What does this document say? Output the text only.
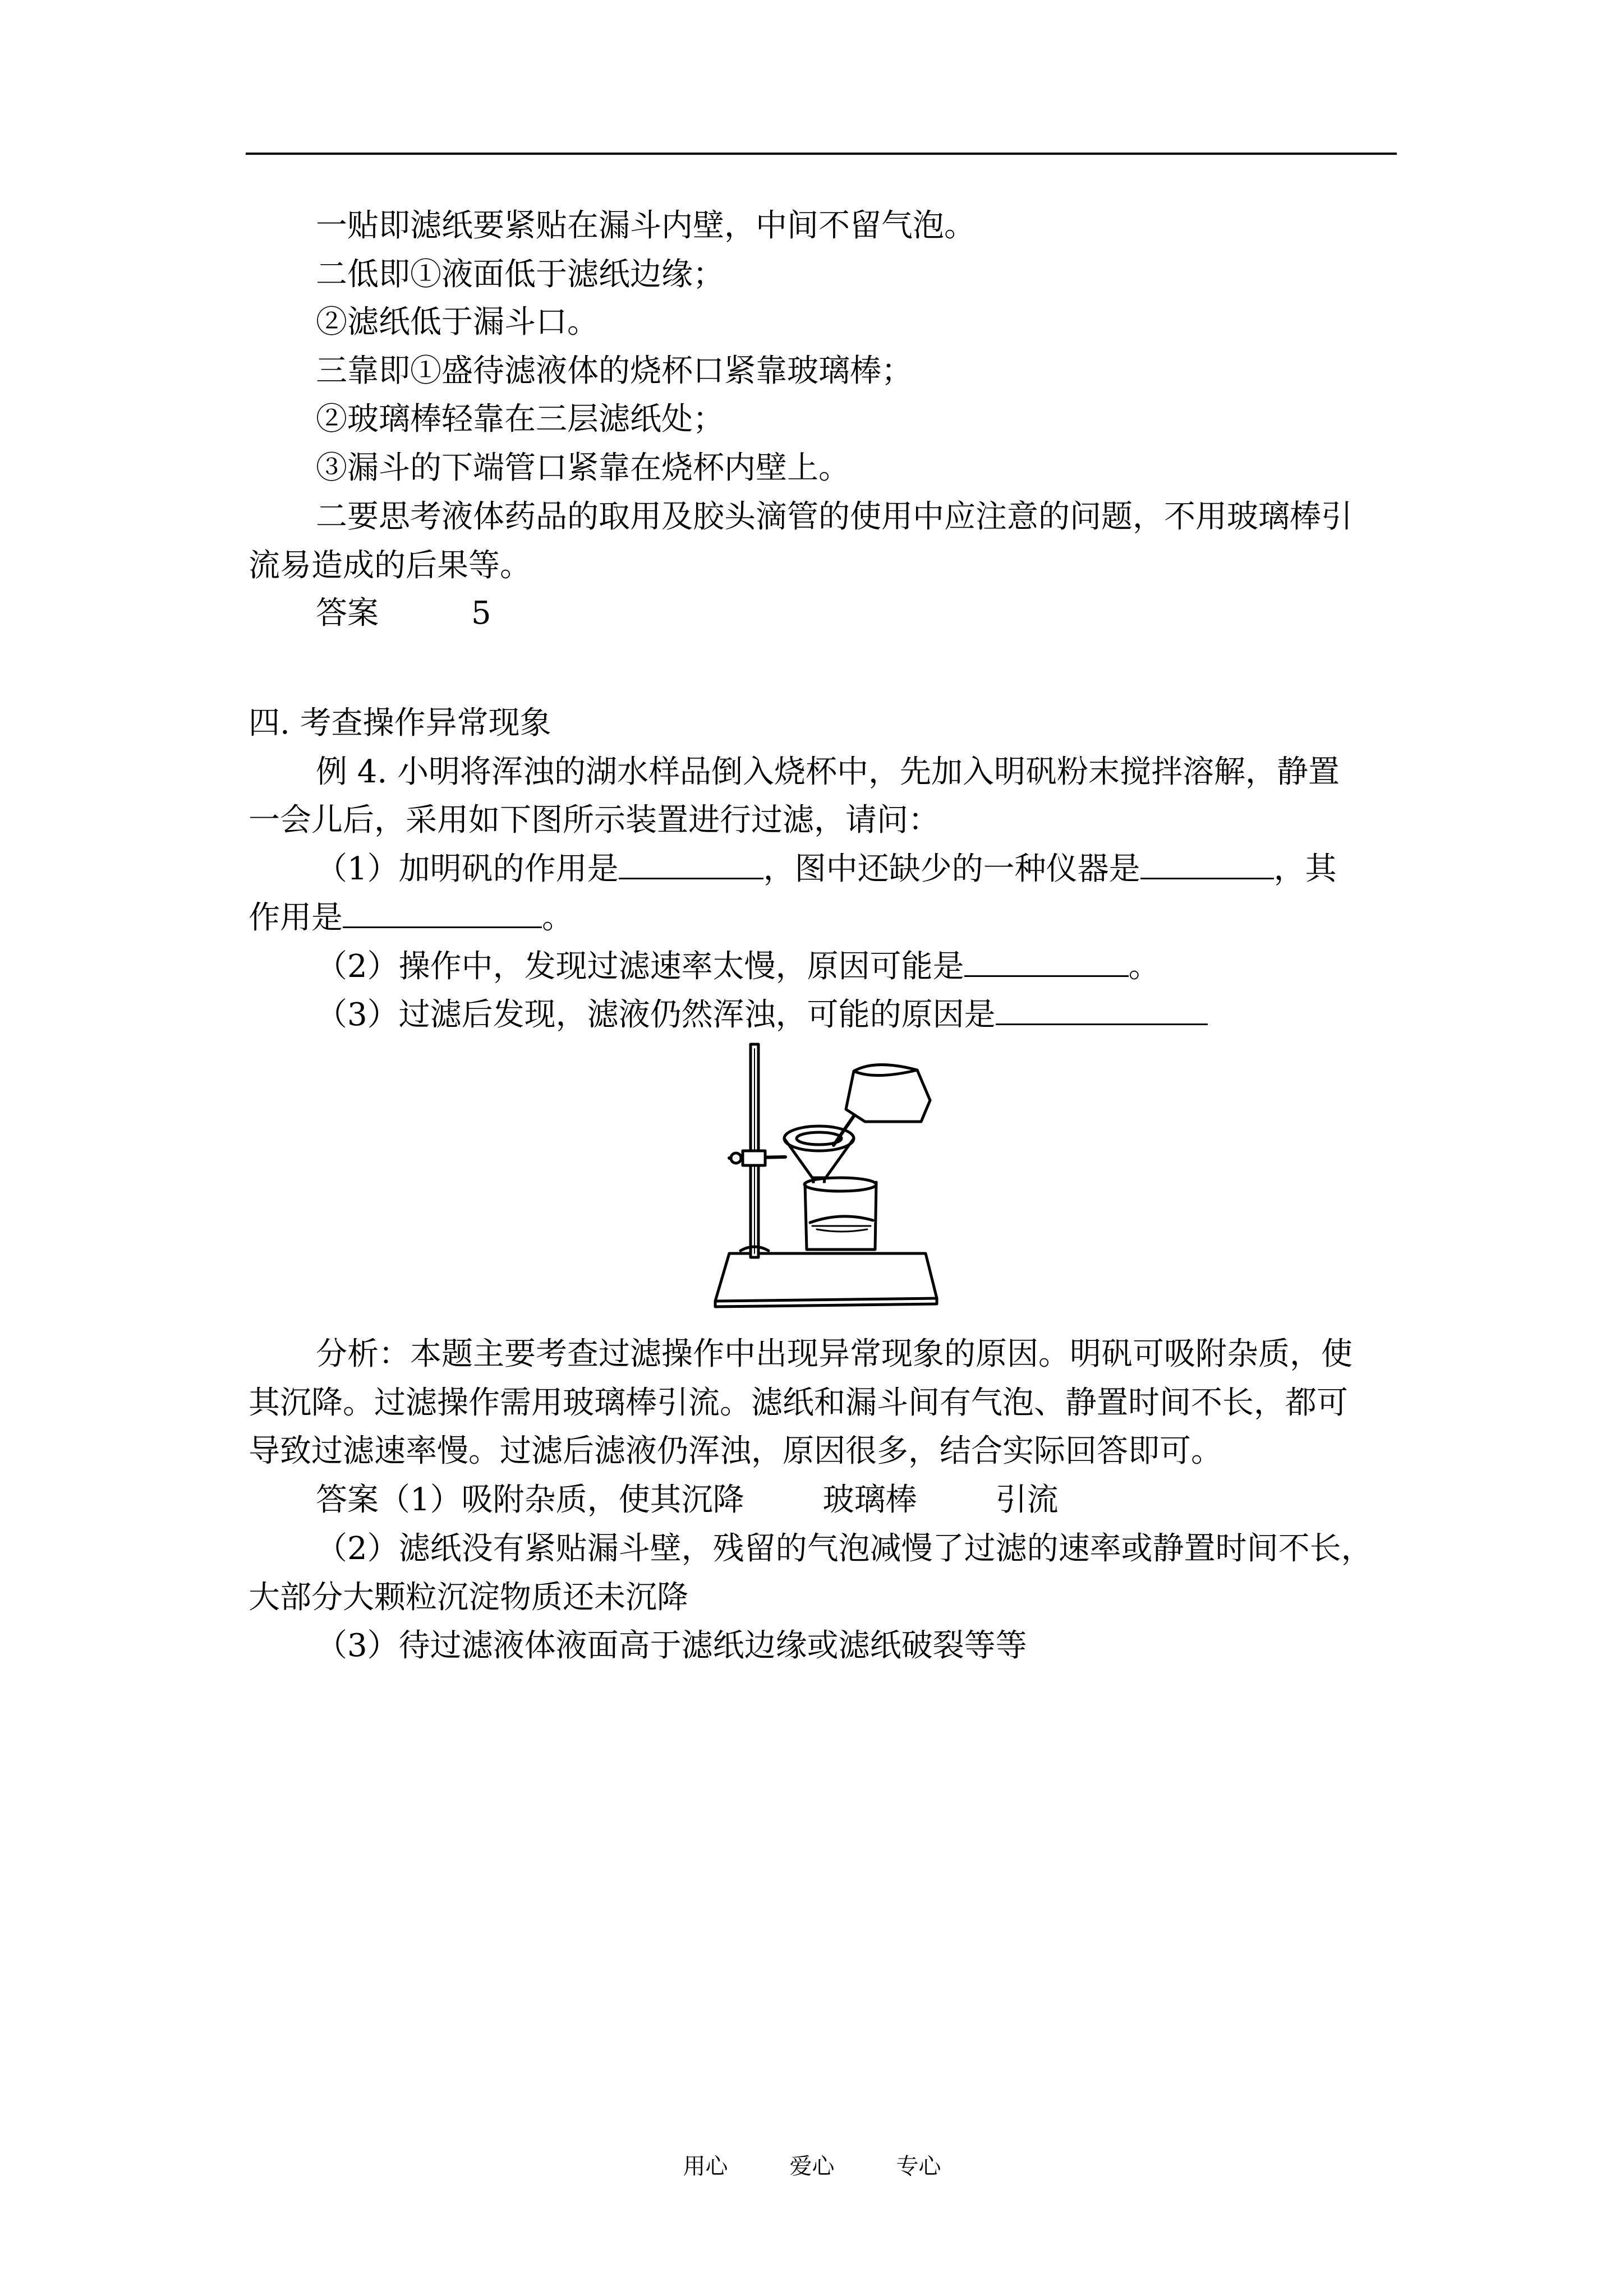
一贴即滤纸要紧贴在漏斗内壁，中间不留气泡。
二低即①液面低于滤纸边缘；
②滤纸低于漏斗口。
三靠即①盛待滤液体的烧杯口紧靠玻璃棒；
②玻璃棒轻靠在三层滤纸处；
③漏斗的下端管口紧靠在烧杯内壁上。
二要思考液体药品的取用及胶头滴管的使用中应注意的问题，不用玻璃棒引
流易造成的后果等。
答案	5
四. 考查操作异常现象
例 4. 小明将浑浊的湖水样品倒入烧杯中，先加入明矾粉末搅拌溶解，静置
一会儿后，采用如下图所示装置进行过滤，请问：
（1）加明矾的作用是	，图中还缺少的一种仪器是	，其
作用是	。
（2）操作中，发现过滤速率太慢，原因可能是	。
（3）过滤后发现，滤液仍然浑浊，可能的原因是
分析：本题主要考查过滤操作中出现异常现象的原因。明矾可吸附杂质，使
其沉降。过滤操作需用玻璃棒引流。滤纸和漏斗间有气泡、静置时间不长，都可
导致过滤速率慢。过滤后滤液仍浑浊，原因很多，结合实际回答即可。
答案（1）吸附杂质，使其沉降	玻璃棒	引流
（2）滤纸没有紧贴漏斗壁，残留的气泡减慢了过滤的速率或静置时间不长，
大部分大颗粒沉淀物质还未沉降
（3）待过滤液体液面高于滤纸边缘或滤纸破裂等等
用心	爱心	专心
